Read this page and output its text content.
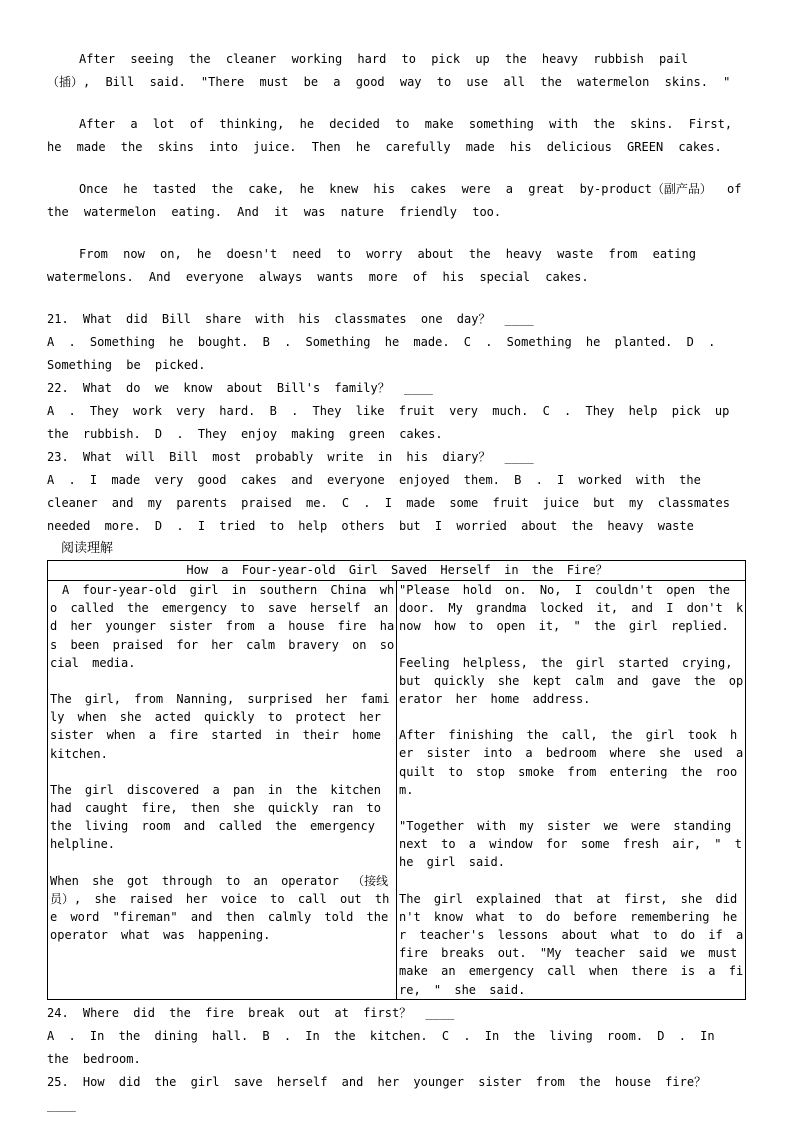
After seeing the cleaner working hard to pick up the heavy rubbish pail
（插）, Bill said. "There must be a good way to use all the watermelon skins. "

After a lot of thinking, he decided to make something with the skins. First, he made the skins into juice. Then he carefully made his delicious GREEN cakes.

Once he tasted the cake, he knew his cakes were a great by-product（副产品） of the watermelon eating. And it was nature friendly too.

From now on, he doesn't need to worry about the heavy waste from eating watermelons. And everyone always wants more of his special cakes.

21. What did Bill share with his classmates one day？ ____

A . Something he bought. B . Something he made. C . Something he planted. D . Something be picked.

22. What do we know about Bill's family？ ____

A . They work very hard. B . They like fruit very much. C . They help pick up the rubbish. D . They enjoy making green cakes.

23. What will Bill most probably write in his diary？ ____

A . I made very good cakes and everyone enjoyed them. B . I worked with the cleaner and my parents praised me. C . I made some fruit juice but my classmates needed more. D . I tried to help others but I worried about the heavy waste

阅读理解

How a Four-year-old Girl Saved Herself in the Fire？

A four-year-old girl in southern China who called the emergency to save herself and her younger sister from a house fire has been praised for her calm bravery on social media.

The girl, from Nanning, surprised her family when she acted quickly to protect her sister when a fire started in their home kitchen.

The girl discovered a pan in the kitchen had caught fire, then she quickly ran to the living room and called the emergency helpline.

When she got through to an operator （接线员）, she raised her voice to call out the word "fireman" and then calmly told the operator what was happening.

"Please hold on. No, I couldn't open the door. My grandma locked it, and I don't know how to open it, " the girl replied.

Feeling helpless, the girl started crying, but quickly she kept calm and gave the operator her home address.

After finishing the call, the girl took her sister into a bedroom where she used a quilt to stop smoke from entering the room.

"Together with my sister we were standing next to a window for some fresh air, " the girl said.

The girl explained that at first, she didn't know what to do before remembering her teacher's lessons about what to do if a fire breaks out. "My teacher said we must make an emergency call when there is a fire, " she said.

24. Where did the fire break out at first？ ____

A . In the dining hall. B . In the kitchen. C . In the living room. D . In the bedroom.

25. How did the girl save herself and her younger sister from the house fire？ ____
